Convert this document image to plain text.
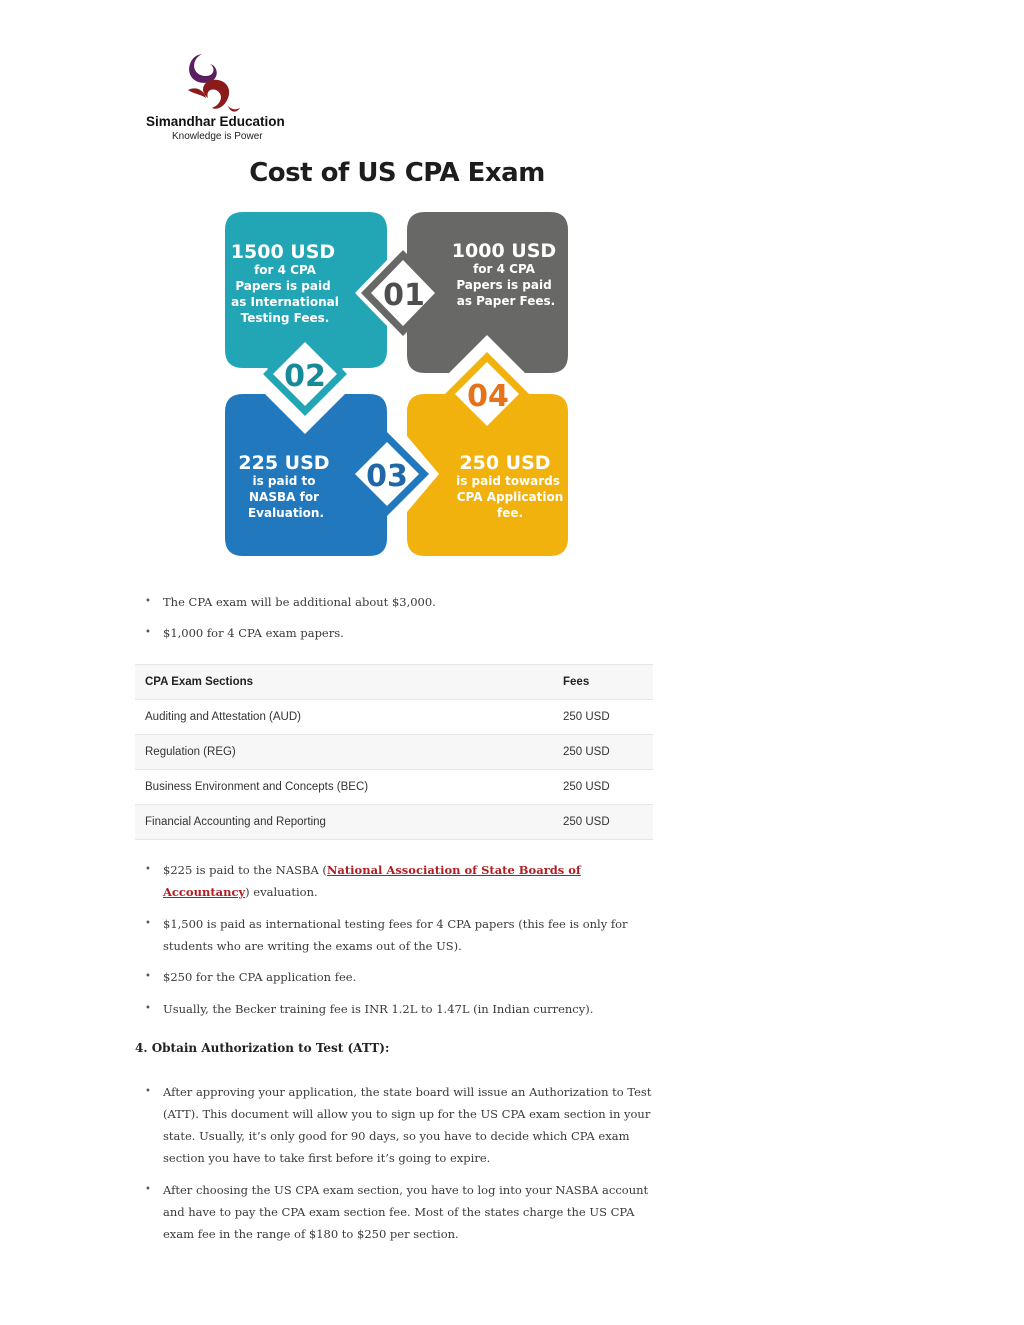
Simandhar Education
Knowledge is Power
Cost of US CPA Exam
1500 USD
for 4 CPA
Papers is paid
as International
Testing Fees.
1000 USD
for 4 CPA
Papers is paid
as Paper Fees.
225 USD
is paid to
NASBA for
Evaluation.
250 USD
is paid towards
CPA Application
fee.
01
02
03
04
• The CPA exam will be additional about $3,000.
• $1,000 for 4 CPA exam papers.
CPA Exam Sections	Fees
Auditing and Attestation (AUD)	250 USD
Regulation (REG)	250 USD
Business Environment and Concepts (BEC)	250 USD
Financial Accounting and Reporting	250 USD
• $225 is paid to the NASBA (National Association of State Boards of Accountancy) evaluation.
• $1,500 is paid as international testing fees for 4 CPA papers (this fee is only for students who are writing the exams out of the US).
• $250 for the CPA application fee.
• Usually, the Becker training fee is INR 1.2L to 1.47L (in Indian currency).
4. Obtain Authorization to Test (ATT):
• After approving your application, the state board will issue an Authorization to Test (ATT). This document will allow you to sign up for the US CPA exam section in your state. Usually, it’s only good for 90 days, so you have to decide which CPA exam section you have to take first before it’s going to expire.
• After choosing the US CPA exam section, you have to log into your NASBA account and have to pay the CPA exam section fee. Most of the states charge the US CPA exam fee in the range of $180 to $250 per section.
